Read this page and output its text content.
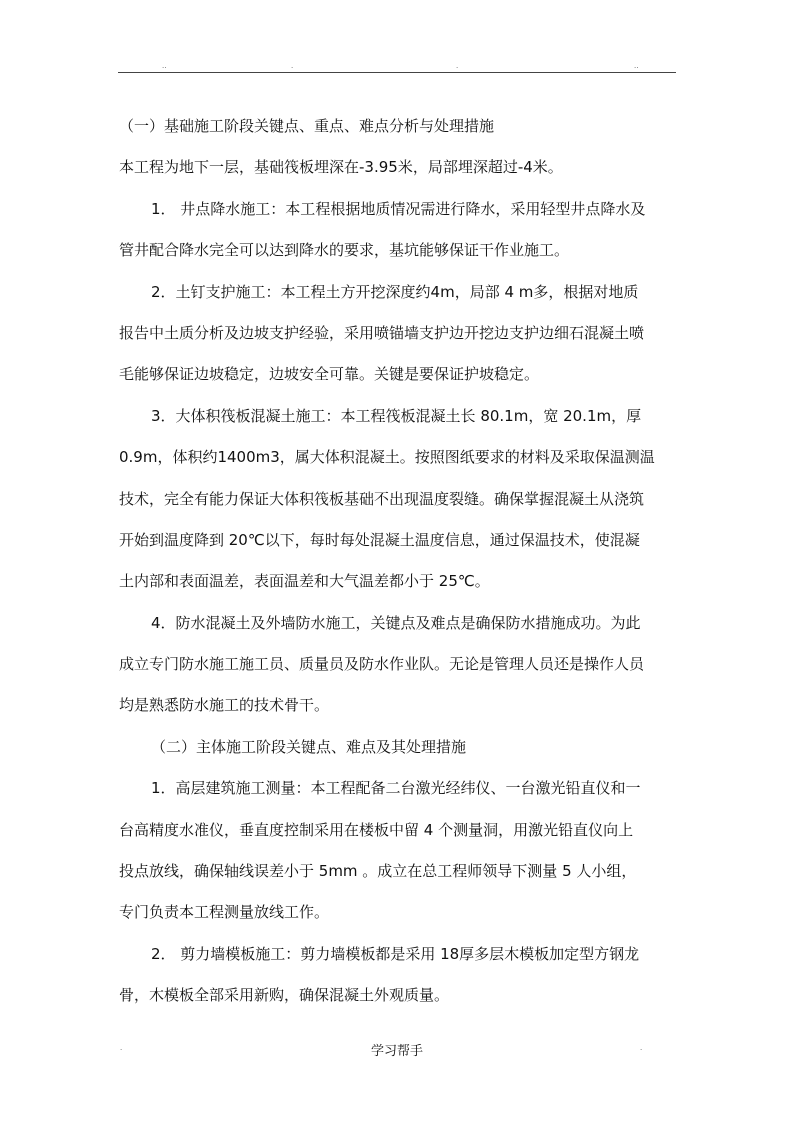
..	.	.	..
（一）基础施工阶段关键点、重点、难点分析与处理措施
本工程为地下一层，基础筏板埋深在-3.95米，局部埋深超过-4米。
1． 井点降水施工：本工程根据地质情况需进行降水，采用轻型井点降水及
管井配合降水完全可以达到降水的要求，基坑能够保证干作业施工。
2．土钉支护施工：本工程土方开挖深度约4m，局部 4 m多，根据对地质
报告中土质分析及边坡支护经验，采用喷锚墙支护边开挖边支护边细石混凝土喷
毛能够保证边坡稳定，边坡安全可靠。关键是要保证护坡稳定。
3．大体积筏板混凝土施工：本工程筏板混凝土长 80.1m，宽 20.1m，厚
0.9m，体积约1400m3，属大体积混凝土。按照图纸要求的材料及采取保温测温
技术，完全有能力保证大体积筏板基础不出现温度裂缝。确保掌握混凝土从浇筑
开始到温度降到 20℃以下，每时每处混凝土温度信息，通过保温技术，使混凝
土内部和表面温差，表面温差和大气温差都小于 25℃。
4．防水混凝土及外墙防水施工，关键点及难点是确保防水措施成功。为此
成立专门防水施工施工员、质量员及防水作业队。无论是管理人员还是操作人员
均是熟悉防水施工的技术骨干。
（二）主体施工阶段关键点、难点及其处理措施
1．高层建筑施工测量：本工程配备二台激光经纬仪、一台激光铅直仪和一
台高精度水准仪，垂直度控制采用在楼板中留 4 个测量洞，用激光铅直仪向上
投点放线，确保轴线误差小于 5mm 。成立在总工程师领导下测量 5 人小组，
专门负责本工程测量放线工作。
2． 剪力墙模板施工：剪力墙模板都是采用 18厚多层木模板加定型方钢龙
骨，木模板全部采用新购，确保混凝土外观质量。
.	学习帮手	.
